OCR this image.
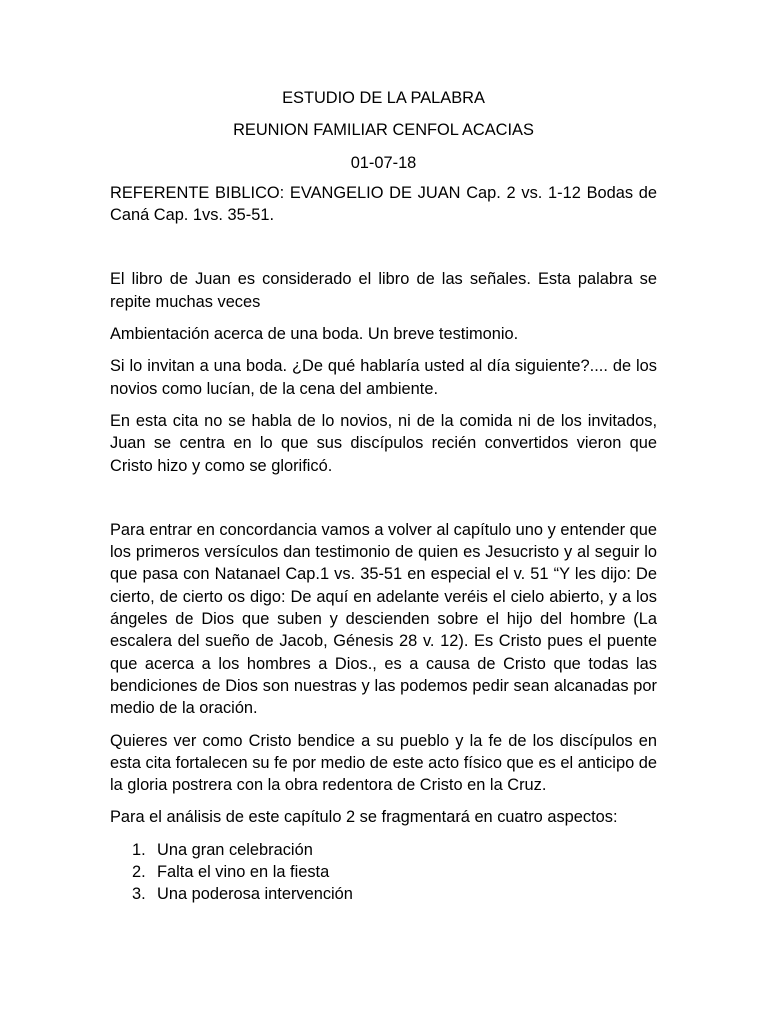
ESTUDIO DE LA PALABRA

REUNION FAMILIAR CENFOL ACACIAS

01-07-18

REFERENTE BIBLICO: EVANGELIO DE JUAN Cap. 2 vs. 1-12 Bodas de Caná Cap. 1vs. 35-51.

El libro de Juan es considerado el libro de las señales. Esta palabra se repite muchas veces

Ambientación acerca de una boda. Un breve testimonio.

Si lo invitan a una boda. ¿De qué hablaría usted al día siguiente?.... de los novios como lucían, de la cena del ambiente.

En esta cita no se habla de lo novios, ni de la comida ni de los invitados, Juan se centra en lo que sus discípulos recién convertidos vieron que Cristo hizo y como se glorificó.

Para entrar en concordancia vamos a volver al capítulo uno y entender que los primeros versículos dan testimonio de quien es Jesucristo y al seguir lo que pasa con Natanael Cap.1 vs. 35-51 en especial el v. 51 “Y les dijo: De cierto, de cierto os digo: De aquí en adelante veréis el cielo abierto, y a los ángeles de Dios que suben y descienden sobre el hijo del hombre (La escalera del sueño de Jacob, Génesis 28 v. 12). Es Cristo pues el puente que acerca a los hombres a Dios., es a causa de Cristo que todas las bendiciones de Dios son nuestras y las podemos pedir sean alcanadas por medio de la oración.

Quieres ver como Cristo bendice a su pueblo y la fe de los discípulos en esta cita fortalecen su fe por medio de este acto físico que es el anticipo de la gloria postrera con la obra redentora de Cristo en la Cruz.

Para el análisis de este capítulo 2 se fragmentará en cuatro aspectos:

1. Una gran celebración
2. Falta el vino en la fiesta
3. Una poderosa intervención
